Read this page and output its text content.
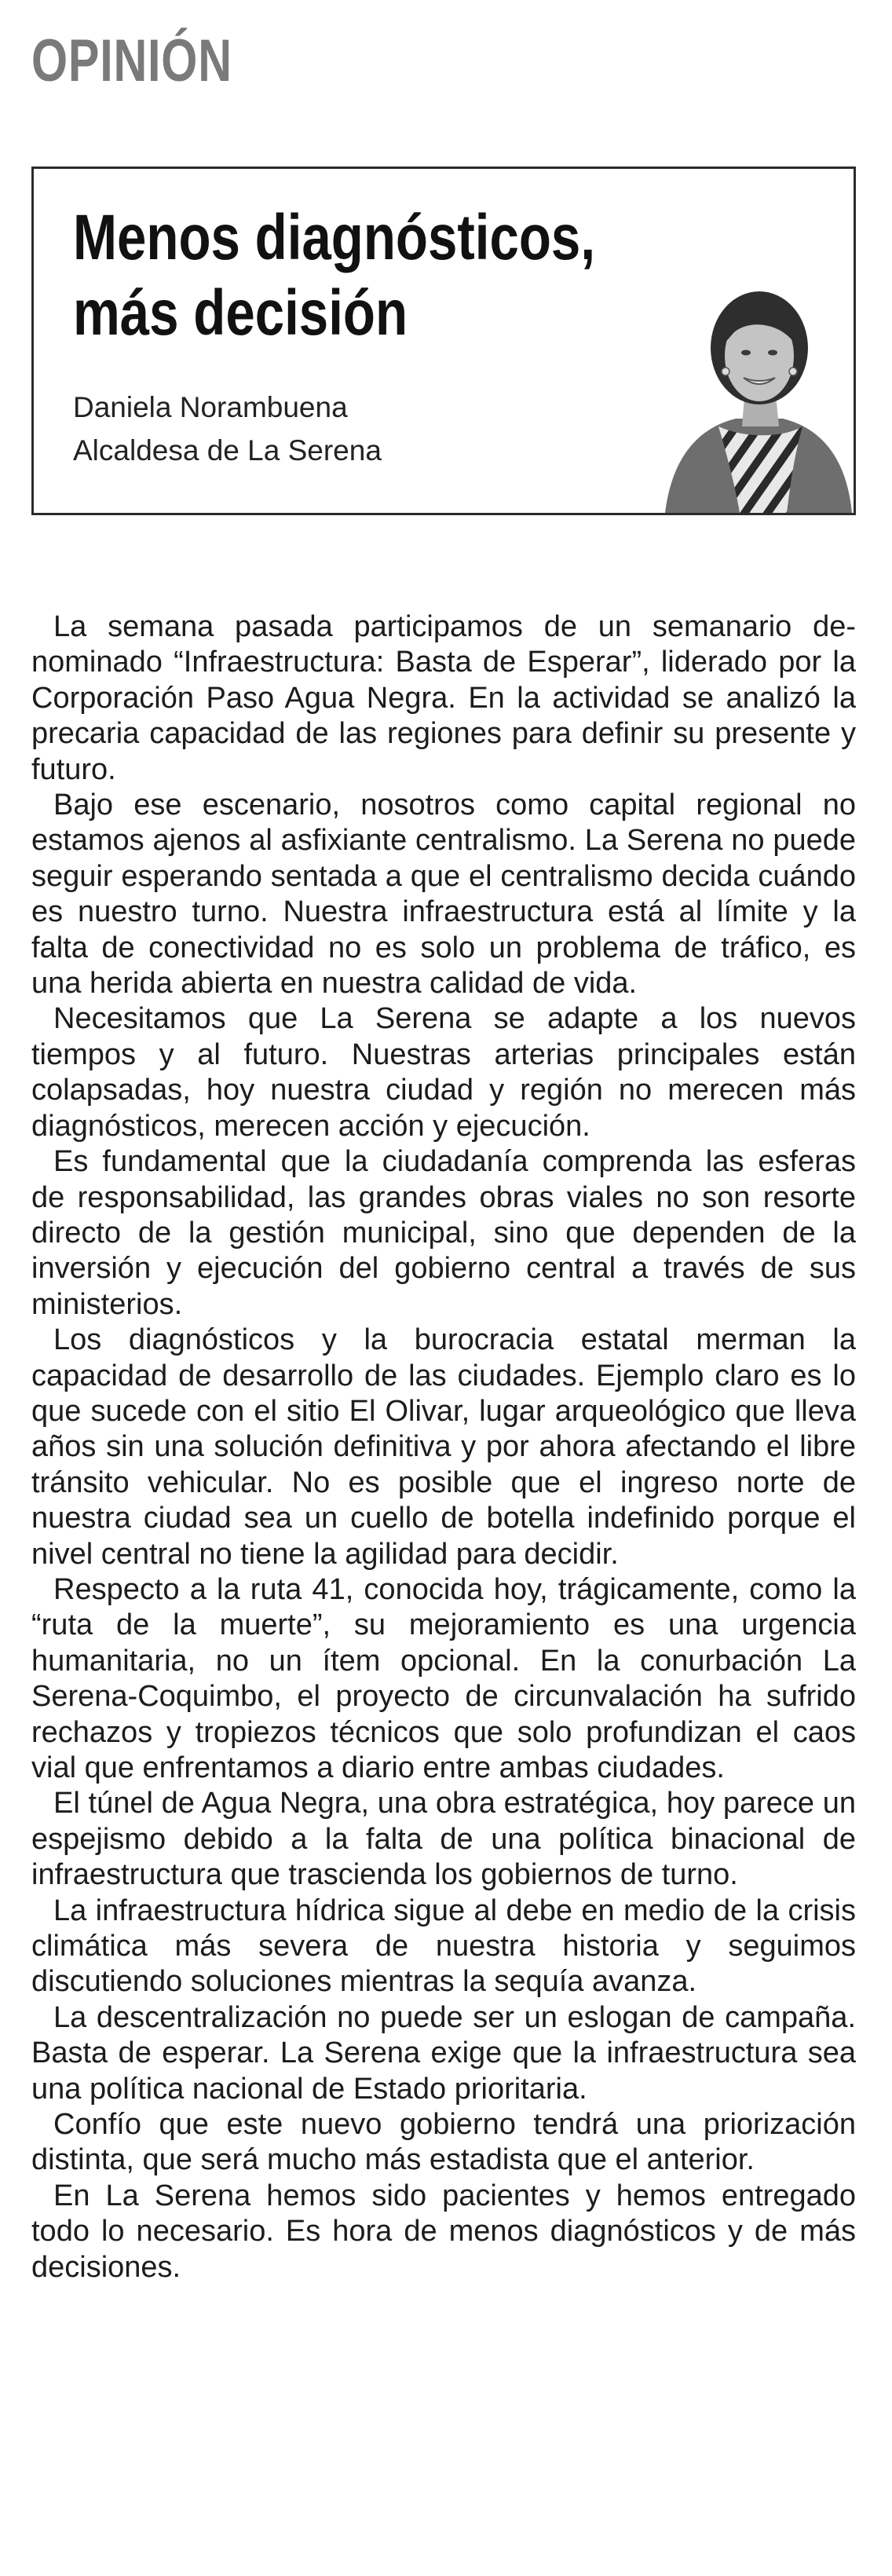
OPINIÓN
Menos diagnósticos,
más decisión
Daniela Norambuena
Alcaldesa de La Serena

La semana pasada participamos de un semanario denominado “Infraestructura: Basta de Esperar”, liderado por la Corporación Paso Agua Negra. En la actividad se analizó la precaria capacidad de las regiones para definir su presente y futuro.

Bajo ese escenario, nosotros como capital regional no estamos ajenos al asfixiante centralismo. La Serena no puede seguir esperando sentada a que el centralismo decida cuándo es nuestro turno. Nuestra infraestructura está al límite y la falta de conectividad no es solo un problema de tráfico, es una herida abierta en nuestra calidad de vida.

Necesitamos que La Serena se adapte a los nuevos tiempos y al futuro. Nuestras arterias principales están colapsadas, hoy nuestra ciudad y región no merecen más diagnósticos, merecen acción y ejecución.

Es fundamental que la ciudadanía comprenda las esferas de responsabilidad, las grandes obras viales no son resorte directo de la gestión municipal, sino que dependen de la inversión y ejecución del gobierno central a través de sus ministerios.

Los diagnósticos y la burocracia estatal merman la capacidad de desarrollo de las ciudades. Ejemplo claro es lo que sucede con el sitio El Olivar, lugar arqueológico que lleva años sin una solución definitiva y por ahora afectando el libre tránsito vehicular. No es posible que el ingreso norte de nuestra ciudad sea un cuello de botella indefinido porque el nivel central no tiene la agilidad para decidir.

Respecto a la ruta 41, conocida hoy, trágicamente, como la “ruta de la muerte”, su mejoramiento es una urgencia humanitaria, no un ítem opcional. En la conurbación La Serena-Coquimbo, el proyecto de circunvalación ha sufrido rechazos y tropiezos técnicos que solo profundizan el caos vial que enfrentamos a diario entre ambas ciudades.

El túnel de Agua Negra, una obra estratégica, hoy parece un espejismo debido a la falta de una política binacional de infraestructura que trascienda los gobiernos de turno.

La infraestructura hídrica sigue al debe en medio de la crisis climática más severa de nuestra historia y seguimos discutiendo soluciones mientras la sequía avanza.

La descentralización no puede ser un eslogan de campaña. Basta de esperar. La Serena exige que la infraestructura sea una política nacional de Estado prioritaria.

Confío que este nuevo gobierno tendrá una priorización distinta, que será mucho más estadista que el anterior.

En La Serena hemos sido pacientes y hemos entregado todo lo necesario. Es hora de menos diagnósticos y de más decisiones.
